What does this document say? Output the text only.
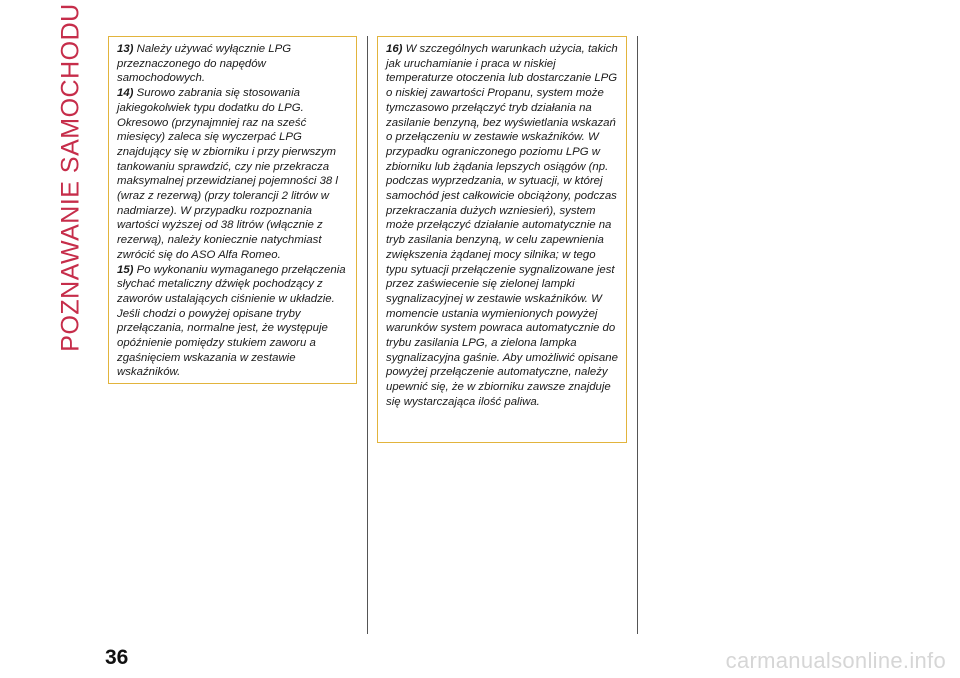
POZNAWANIE SAMOCHODU	13) Należy używać wyłącznie LPG przeznaczonego do napędów samochodowych.

14) Surowo zabrania się stosowania jakiegokolwiek typu dodatku do LPG. Okresowo (przynajmniej raz na sześć miesięcy) zaleca się wyczerpać LPG znajdujący się w zbiorniku i przy pierwszym tankowaniu sprawdzić, czy nie przekracza maksymalnej przewidzianej pojemności 38 l (wraz z rezerwą) (przy tolerancji 2 litrów w nadmiarze). W przypadku rozpoznania wartości wyższej od 38 litrów (włącznie z rezerwą), należy koniecznie natychmiast zwrócić się do ASO Alfa Romeo.

15) Po wykonaniu wymaganego przełączenia słychać metaliczny dźwięk pochodzący z zaworów ustalających ciśnienie w układzie. Jeśli chodzi o powyżej opisane tryby przełączania, normalne jest, że występuje opóźnienie pomiędzy stukiem zaworu a zgaśnięciem wskazania w zestawie wskaźników.

16) W szczególnych warunkach użycia, takich jak uruchamianie i praca w niskiej temperaturze otoczenia lub dostarczanie LPG o niskiej zawartości Propanu, system może tymczasowo przełączyć tryb działania na zasilanie benzyną, bez wyświetlania wskazań o przełączeniu w zestawie wskaźników. W przypadku ograniczonego poziomu LPG w zbiorniku lub żądania lepszych osiągów (np. podczas wyprzedzania, w sytuacji, w której samochód jest całkowicie obciążony, podczas przekraczania dużych wzniesień), system może przełączyć działanie automatycznie na tryb zasilania benzyną, w celu zapewnienia zwiększenia żądanej mocy silnika; w tego typu sytuacji przełączenie sygnalizowane jest przez zaświecenie się zielonej lampki sygnalizacyjnej w zestawie wskaźników. W momencie ustania wymienionych powyżej warunków system powraca automatycznie do trybu zasilania LPG, a zielona lampka sygnalizacyjna gaśnie. Aby umożliwić opisane powyżej przełączenie automatyczne, należy upewnić się, że w zbiorniku zawsze znajduje się wystarczająca ilość paliwa.

36	carmanualsonline.info
